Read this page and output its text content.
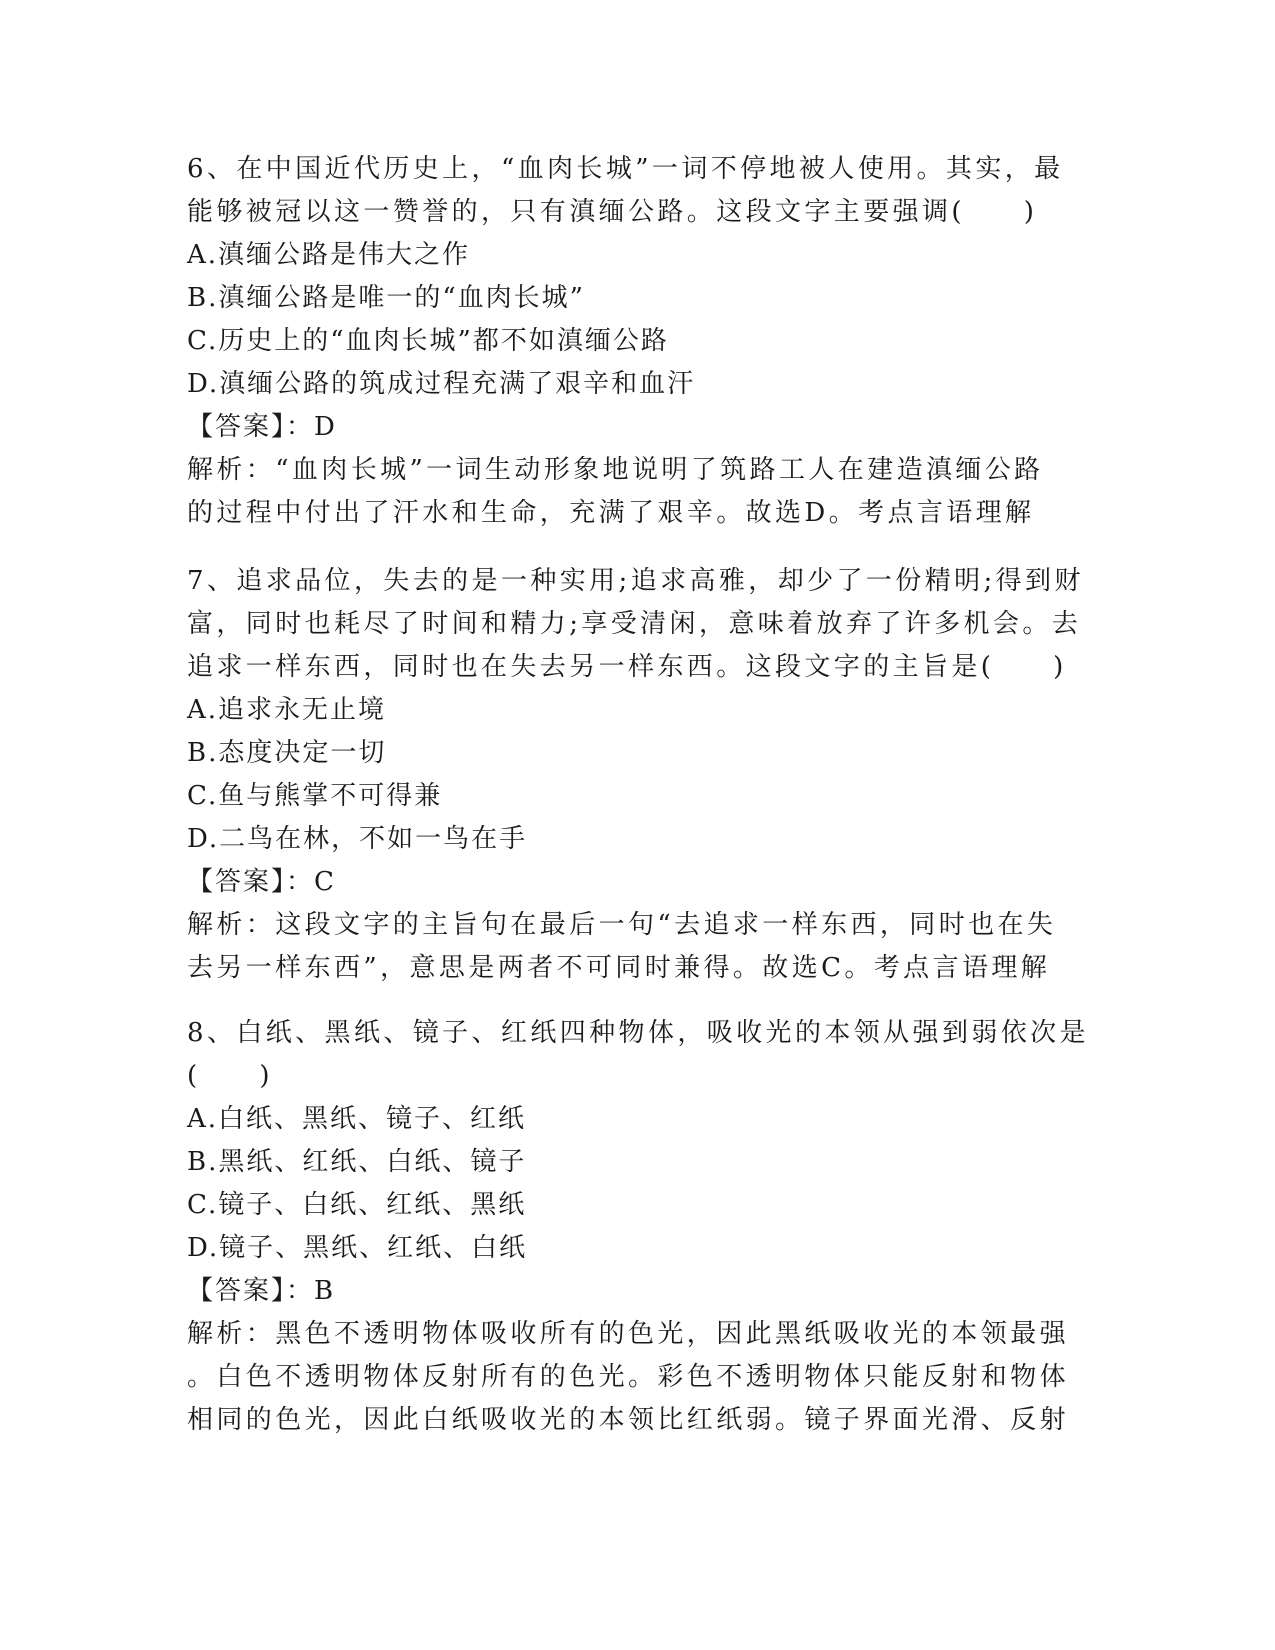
6、在中国近代历史上，“血肉长城”一词不停地被人使用。其实，最
能够被冠以这一赞誉的，只有滇缅公路。这段文字主要强调(　　)
A.滇缅公路是伟大之作
B.滇缅公路是唯一的“血肉长城”
C.历史上的“血肉长城”都不如滇缅公路
D.滇缅公路的筑成过程充满了艰辛和血汗
【答案】：D
解析：“血肉长城”一词生动形象地说明了筑路工人在建造滇缅公路
的过程中付出了汗水和生命，充满了艰辛。故选D。考点言语理解
7、追求品位，失去的是一种实用;追求高雅，却少了一份精明;得到财
富，同时也耗尽了时间和精力;享受清闲，意味着放弃了许多机会。去
追求一样东西，同时也在失去另一样东西。这段文字的主旨是(　　)
A.追求永无止境
B.态度决定一切
C.鱼与熊掌不可得兼
D.二鸟在林，不如一鸟在手
【答案】：C
解析：这段文字的主旨句在最后一句“去追求一样东西，同时也在失
去另一样东西”，意思是两者不可同时兼得。故选C。考点言语理解
8、白纸、黑纸、镜子、红纸四种物体，吸收光的本领从强到弱依次是
(　　)
A.白纸、黑纸、镜子、红纸
B.黑纸、红纸、白纸、镜子
C.镜子、白纸、红纸、黑纸
D.镜子、黑纸、红纸、白纸
【答案】：B
解析：黑色不透明物体吸收所有的色光，因此黑纸吸收光的本领最强
。白色不透明物体反射所有的色光。彩色不透明物体只能反射和物体
相同的色光，因此白纸吸收光的本领比红纸弱。镜子界面光滑、反射
